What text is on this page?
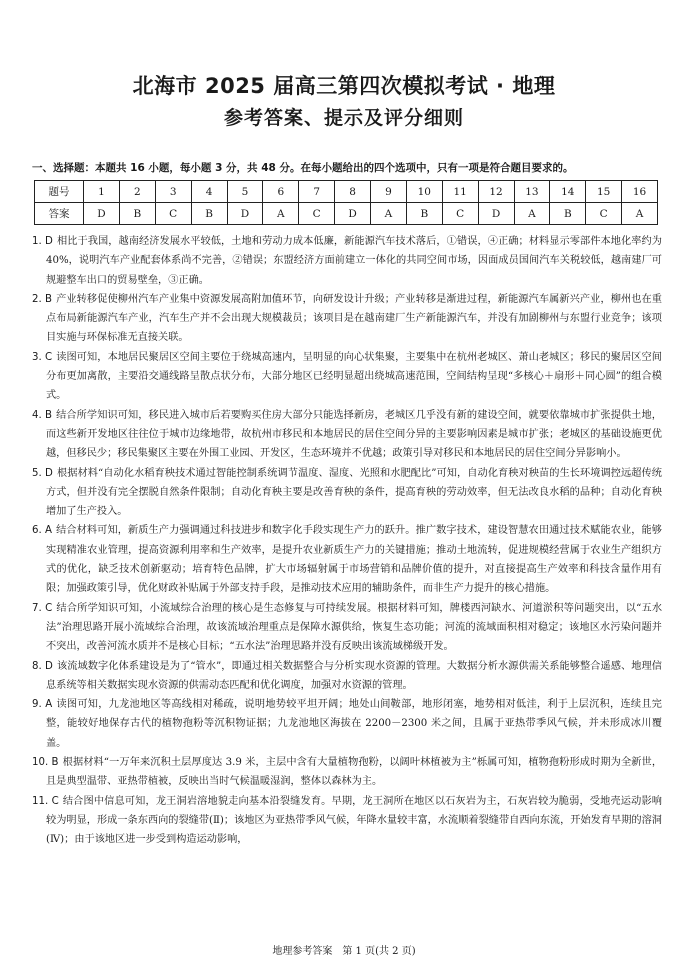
北海市 2025 届高三第四次模拟考试 · 地理
参考答案、提示及评分细则
一、选择题：本题共 16 小题，每小题 3 分，共 48 分。在每小题给出的四个选项中，只有一项是符合题目要求的。
题号	1	2	3	4	5	6	7	8	9	10	11	12	13	14	15	16
答案	D	B	C	B	D	A	C	D	A	B	C	D	A	B	C	A

1. D 相比于我国，越南经济发展水平较低，土地和劳动力成本低廉，新能源汽车技术落后，①错误，④正确；材料显示零部件本地化率约为 40%，说明汽车产业配套体系尚不完善，②错误；东盟经济方面前建立一体化的共同空间市场，因面成员国间汽车关税较低，越南建厂可规避整车出口的贸易壁垒，③正确。

2. B 产业转移促使柳州汽车产业集中资源发展高附加值环节，向研发设计升级；产业转移是渐进过程，新能源汽车属新兴产业，柳州也在重点布局新能源汽车产业，汽车生产并不会出现大规模裁员；该项目是在越南建厂生产新能源汽车，并没有加剧柳州与东盟行业竞争；该项目实施与环保标准无直接关联。

3. C 读图可知，本地居民聚居区空间主要位于绕城高速内，呈明显的向心状集聚，主要集中在杭州老城区、萧山老城区；移民的聚居区空间分布更加离散，主要沿交通线路呈散点状分布，大部分地区已经明显超出绕城高速范围，空间结构呈现“多核心＋扇形＋同心圆”的组合模式。

4. B 结合所学知识可知，移民进入城市后若要购买住房大部分只能选择新房，老城区几乎没有新的建设空间，就要依靠城市扩张提供土地，而这些新开发地区往往位于城市边缘地带，故杭州市移民和本地居民的居住空间分异的主要影响因素是城市扩张；老城区的基础设施更优越，但移民少；移民集聚区主要在外围工业园、开发区，生态环境并不优越；政策引导对移民和本地居民的居住空间分异影响小。

5. D 根据材料“自动化水稻育秧技术通过智能控制系统调节温度、湿度、光照和水肥配比”可知，自动化育秧对秧苗的生长环境调控远超传统方式，但并没有完全摆脱自然条件限制；自动化育秧主要是改善育秧的条件，提高育秧的劳动效率，但无法改良水稻的品种；自动化育秧增加了生产投入。

6. A 结合材料可知，新质生产力强调通过科技进步和数字化手段实现生产力的跃升。推广数字技术，建设智慧农田通过技术赋能农业，能够实现精准农业管理，提高资源利用率和生产效率，是提升农业新质生产力的关键措施；推动土地流转，促进规模经营属于农业生产组织方式的优化，缺乏技术创新驱动；培育特色品牌，扩大市场辐射属于市场营销和品牌价值的提升，对直接提高生产效率和科技含量作用有限；加强政策引导，优化财政补贴属于外部支持手段，是推动技术应用的辅助条件，而非生产力提升的核心措施。

7. C 结合所学知识可知，小流域综合治理的核心是生态修复与可持续发展。根据材料可知，牌楼西河缺水、河道淤积等问题突出，以“五水法”治理思路开展小流域综合治理，故该流域治理重点是保障水源供给，恢复生态功能；河流的流域面积相对稳定；该地区水污染问题并不突出，改善河流水质并不是核心目标；“五水法”治理思路并没有反映出该流域梯级开发。

8. D 该流域数字化体系建设是为了“管水”，即通过相关数据整合与分析实现水资源的管理。大数据分析水源供需关系能够整合遥感、地理信息系统等相关数据实现水资源的供需动态匹配和优化调度，加强对水资源的管理。

9. A 读图可知，九龙池地区等高线相对稀疏，说明地势较平坦开阔；地处山间鞍部，地形闭塞，地势相对低洼，利于上层沉积，连续且完整，能较好地保存古代的植物孢粉等沉积物证据；九龙池地区海拔在 2200－2300 米之间，且属于亚热带季风气候，并未形成冰川覆盖。

10. B 根据材料“一万年来沉积土层厚度达 3.9 米，主层中含有大量植物孢粉，以阔叶林植被为主”栎属可知，植物孢粉形成时期为全新世，且是典型温带、亚热带植被，反映出当时气候温暖湿润，整体以森林为主。

11. C 结合图中信息可知，龙王洞岩溶地貌走向基本沿裂缝发育。早期，龙王洞所在地区以石灰岩为主，石灰岩较为脆弱，受地壳运动影响较为明显，形成一条东西向的裂缝带(Ⅱ)；该地区为亚热带季风气候，年降水量较丰富，水流顺着裂缝带自西向东流，开始发育早期的溶洞(Ⅳ)；由于该地区进一步受到构造运动影响，

地理参考答案　第 1 页(共 2 页)
